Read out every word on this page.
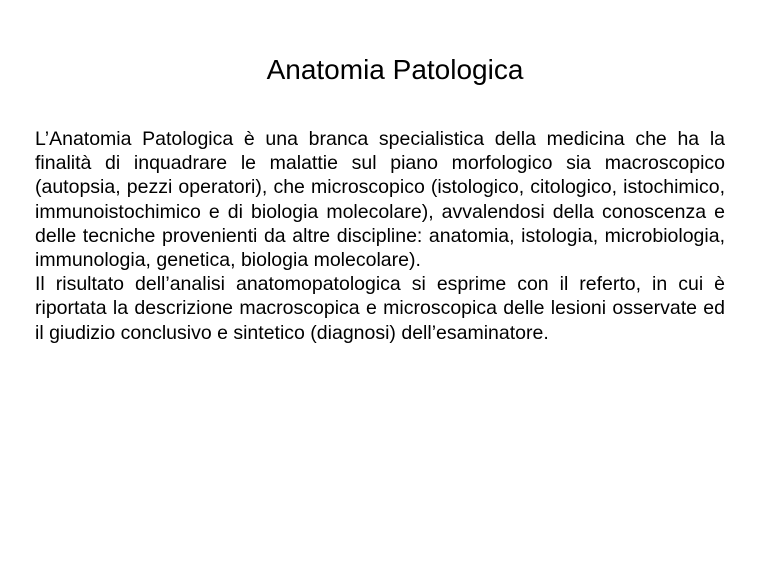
Anatomia Patologica

L’Anatomia Patologica è una branca specialistica della medicina che ha la finalità di inquadrare le malattie sul piano morfologico sia macroscopico (autopsia, pezzi operatori), che microscopico (istologico, citologico, istochimico, immunoistochimico e di biologia molecolare), avvalendosi della conoscenza e delle tecniche provenienti da altre discipline: anatomia, istologia, microbiologia, immunologia, genetica, biologia molecolare).

Il risultato dell’analisi anatomopatologica si esprime con il referto, in cui è riportata la descrizione macroscopica e microscopica delle lesioni osservate ed il giudizio conclusivo e sintetico (diagnosi) dell’esaminatore.
